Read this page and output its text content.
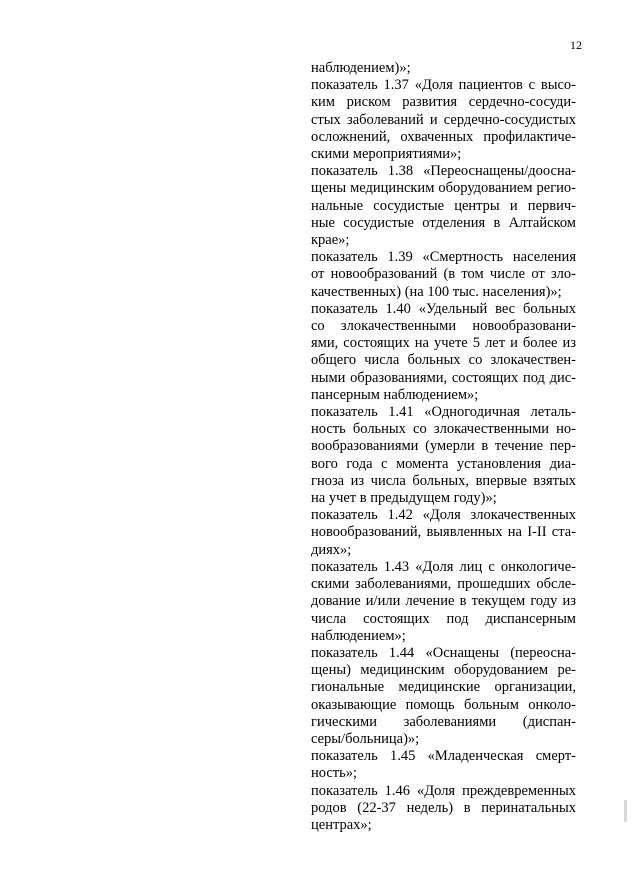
12
наблюдением)»;
показатель 1.37 «Доля пациентов с высо-
ким риском развития сердечно-сосуди-
стых заболеваний и сердечно-сосудистых
осложнений, охваченных профилактиче-
скими мероприятиями»;
показатель 1.38 «Переоснащены/доосна-
щены медицинским оборудованием регио-
нальные сосудистые центры и первич-
ные сосудистые отделения в Алтайском
крае»;
показатель 1.39 «Смертность населения
от новообразований (в том числе от зло-
качественных) (на 100 тыс. населения)»;
показатель 1.40 «Удельный вес больных
со злокачественными новообразовани-
ями, состоящих на учете 5 лет и более из
общего числа больных со злокачествен-
ными образованиями, состоящих под дис-
пансерным наблюдением»;
показатель 1.41 «Одногодичная леталь-
ность больных со злокачественными но-
вообразованиями (умерли в течение пер-
вого года с момента установления диа-
гноза из числа больных, впервые взятых
на учет в предыдущем году)»;
показатель 1.42 «Доля злокачественных
новообразований, выявленных на I-II ста-
диях»;
показатель 1.43 «Доля лиц с онкологиче-
скими заболеваниями, прошедших обсле-
дование и/или лечение в текущем году из
числа состоящих под диспансерным
наблюдением»;
показатель 1.44 «Оснащены (переосна-
щены) медицинским оборудованием ре-
гиональные медицинские организации,
оказывающие помощь больным онколо-
гическими заболеваниями (диспан-
серы/больница)»;
показатель 1.45 «Младенческая смерт-
ность»;
показатель 1.46 «Доля преждевременных
родов (22-37 недель) в перинатальных
центрах»;
